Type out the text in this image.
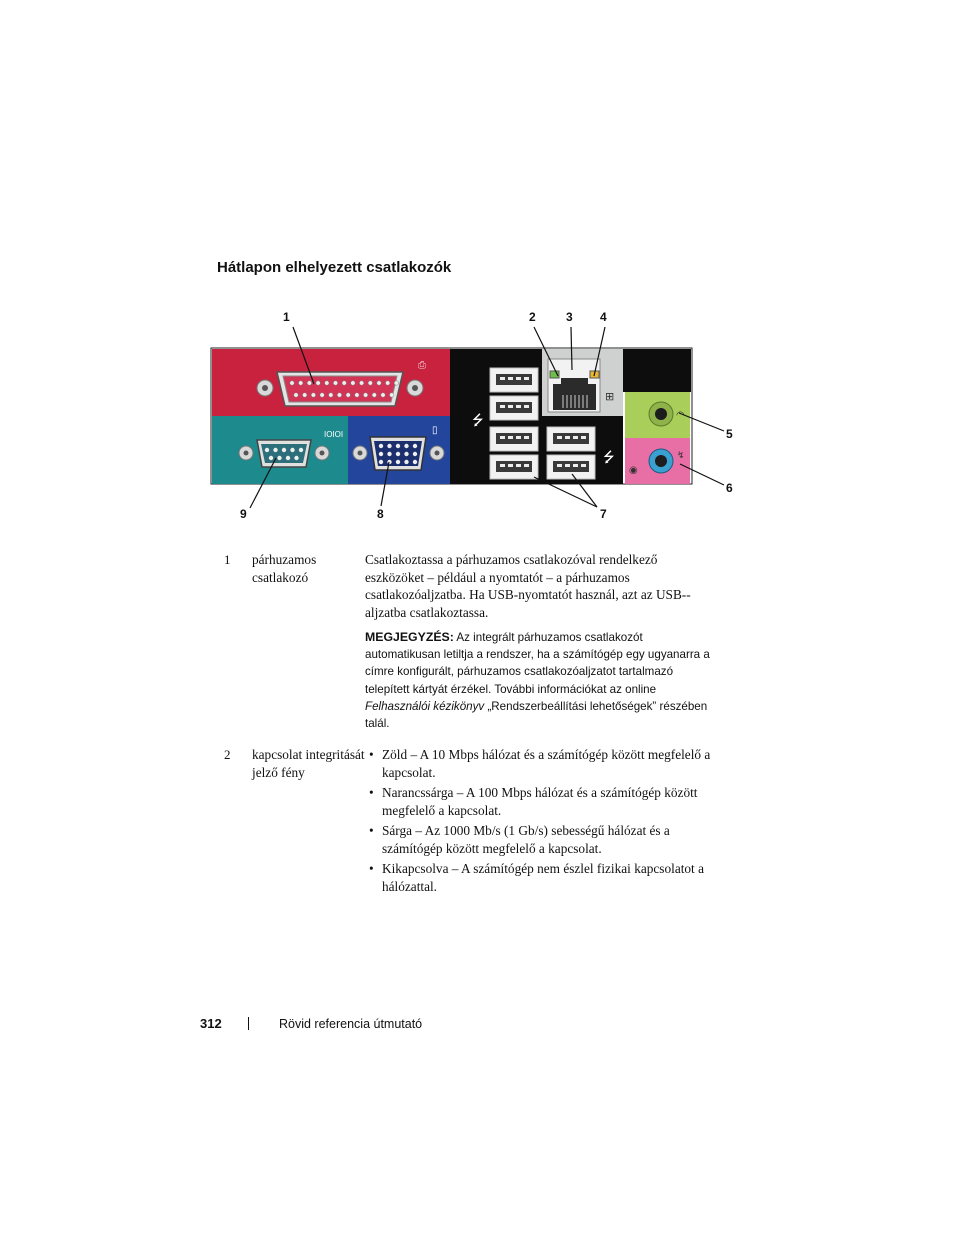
Hátlapon elhelyezett csatlakozók
⎙
IOIOI	▯
⭍
⭍
⊞
◠
◉
↯
1	2	3 4
5
6
7
8
9
1	párhuzamos csatlakozó

Csatlakoztassa a párhuzamos csatlakozóval rendelkező eszközöket – például a nyomtatót – a párhuzamos csatlakozóaljzatba. Ha USB-nyomtatót használ, azt az USB--aljzatba csatlakoztassa.

MEGJEGYZÉS: Az integrált párhuzamos csatlakozót automatikusan letiltja a rendszer, ha a számítógép egy ugyanarra a címre konfigurált, párhuzamos csatlakozóaljzatot tartalmazó telepített kártyát érzékel. További információkat az online Felhasználói kézikönyv „Rendszerbeállítási lehetőségek” részében talál.
2	kapcsolat integritását jelző fény
• Zöld – A 10 Mbps hálózat és a számítógép között megfelelő a kapcsolat.
• Narancssárga – A 100 Mbps hálózat és a számítógép között megfelelő a kapcsolat.
• Sárga – Az 1000 Mb/s (1 Gb/s) sebességű hálózat és a számítógép között megfelelő a kapcsolat.
• Kikapcsolva – A számítógép nem észlel fizikai kapcsolatot a hálózattal.
312	Rövid referencia útmutató
